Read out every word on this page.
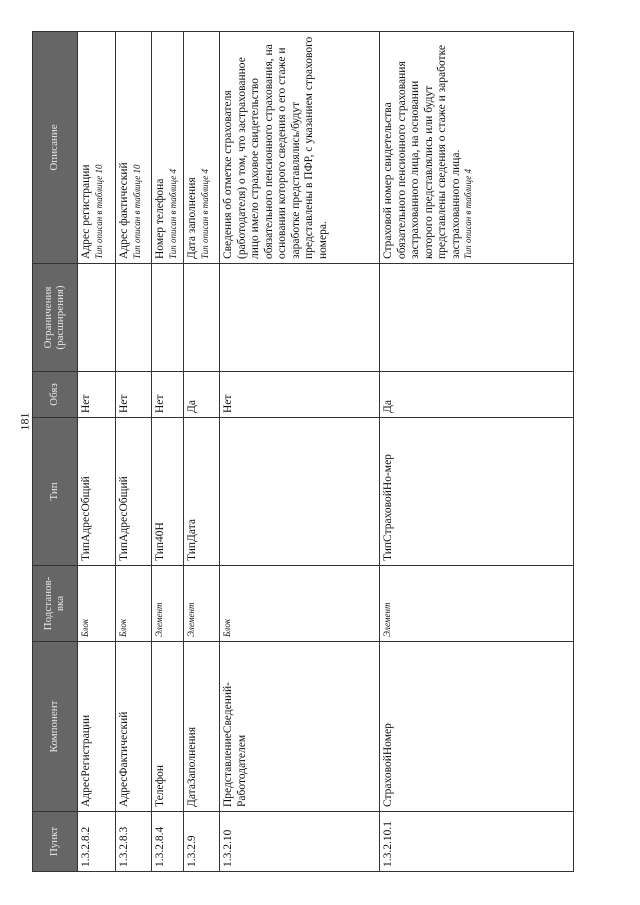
181
Пункт	Компонент	Подстанов- вка	Тип	Обяз	Ограничения (расширения)	Описание
1.3.2.8.2	АдресРегистрации	Блок	ТипАдресОбщий	Нет		Адрес регистрации Тип описан в таблице 10

1.3.2.8.3	АдресФактический	Блок	ТипАдресОбщий	Нет		Адрес фактический Тип описан в таблице 10

1.3.2.8.4	Телефон	Элемент	Тип40Н	Нет		Номер телефона Тип описан в таблице 4

1.3.2.9	ДатаЗаполнения	Элемент	ТипДата	Да		Дата заполнения Тип описан в таблице 4

1.3.2.10	ПредставлениеСведений-Работодателем	Блок		Нет		Сведения об отметке страхователя (работодателя) о том, что застрахованное лицо имело страховое свидетельство обязательного пенсионного страхования, на основании которого сведения о его стаже и заработке представлялись/будут представлены в ПФР, с указанием страхового номера.

1.3.2.10.1	СтраховойНомер	Элемент	ТипСтраховойНо-мер	Да		Страховой номер свидетельства обязательного пенсионного страхования застрахованного лица, на основании которого представлялись или будут представлены сведения о стаже и заработке застрахованного лица. Тип описан в таблице 4
